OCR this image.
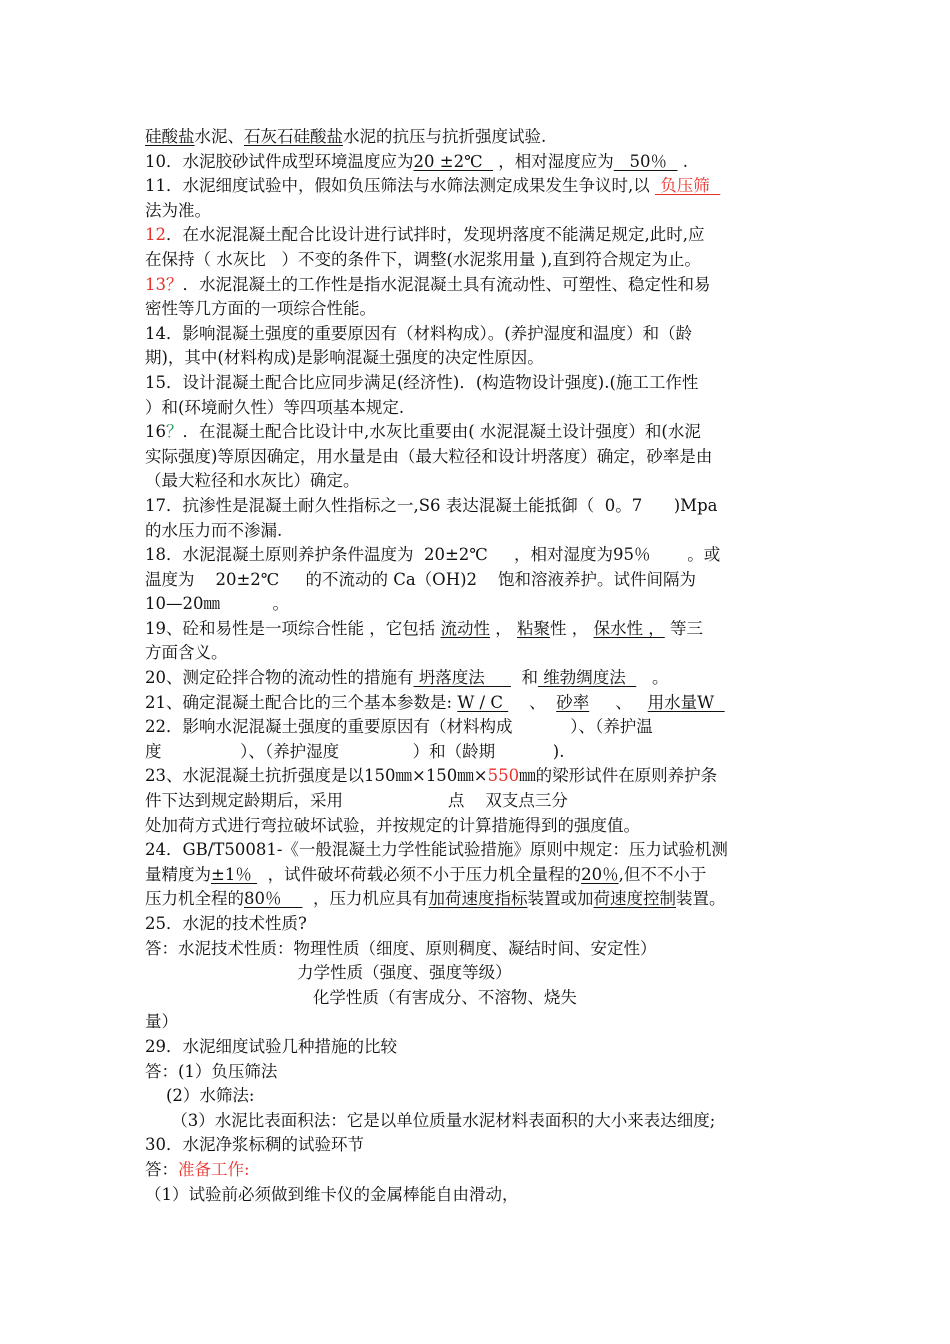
硅酸盐水泥、石灰石硅酸盐水泥的抗压与抗折强度试验.
10．水泥胶砂试件成型环境温度应为20 ±2℃   ，相对湿度应为   50％   .
11．水泥细度试验中，假如负压筛法与水筛法测定成果发生争议时,以  负压筛
法为准。
12．在水泥混凝土配合比设计进行试拌时，发现坍落度不能满足规定,此时,应
在保持（ 水灰比   ）不变的条件下，调整(水泥浆用量 ),直到符合规定为止。
13？．水泥混凝土的工作性是指水泥混凝土具有流动性、可塑性、稳定性和易
密性等几方面的一项综合性能。
14．影响混凝土强度的重要原因有（材料构成）。(养护湿度和温度）和（龄
期)，其中(材料构成)是影响混凝土强度的决定性原因。
15．设计混凝土配合比应同步满足(经济性)．(构造物设计强度).(施工工作性
）和(环境耐久性）等四项基本规定.
16？．在混凝土配合比设计中,水灰比重要由( 水泥混凝土设计强度）和(水泥
实际强度)等原因确定，用水量是由（最大粒径和设计坍落度）确定，砂率是由
（最大粒径和水灰比）确定。
17．抗渗性是混凝土耐久性指标之一,S6 表达混凝土能抵御（  0。7      )Mpa
的水压力而不渗漏.
18．水泥混凝土原则养护条件温度为  20±2℃     ，相对湿度为95％       。或
温度为    20±2℃     的不流动的 Ca（OH)2    饱和溶液养护。试件间隔为
10—20㎜          。
19、砼和易性是一项综合性能 ，它包括 流动性 ， 粘聚性 ， 保水性 ， 等三
方面含义。
20、测定砼拌合物的流动性的措施有 坍落度法       和 维勃绸度法     。
21、确定混凝土配合比的三个基本参数是: W / C     、  砂率     、   用水量W
22．影响水泥混凝土强度的重要原因有（材料构成           ）、（养护温
度               ）、（养护湿度              ）和（龄期           ).
23、水泥混凝土抗折强度是以150㎜×150㎜×550㎜的梁形试件在原则养护条
件下达到规定龄期后，采用                    点    双支点三分
处加荷方式进行弯拉破坏试验，并按规定的计算措施得到的强度值。
24．GB/T50081-《一般混凝土力学性能试验措施》原则中规定：压力试验机测
量精度为±1％   ，试件破坏荷载必须不小于压力机全量程的20％,但不不小于
压力机全程的80％      ，压力机应具有加荷速度指标装置或加荷速度控制装置。
25．水泥的技术性质?
答：水泥技术性质：物理性质（细度、原则稠度、凝结时间、安定性）
力学性质（强度、强度等级）
化学性质（有害成分、不溶物、烧失
量）
29．水泥细度试验几种措施的比较
答：(1）负压筛法
(2）水筛法:
（3）水泥比表面积法：它是以单位质量水泥材料表面积的大小来表达细度;
30．水泥净浆标稠的试验环节
答：准备工作:
（1）试验前必须做到维卡仪的金属棒能自由滑动，
